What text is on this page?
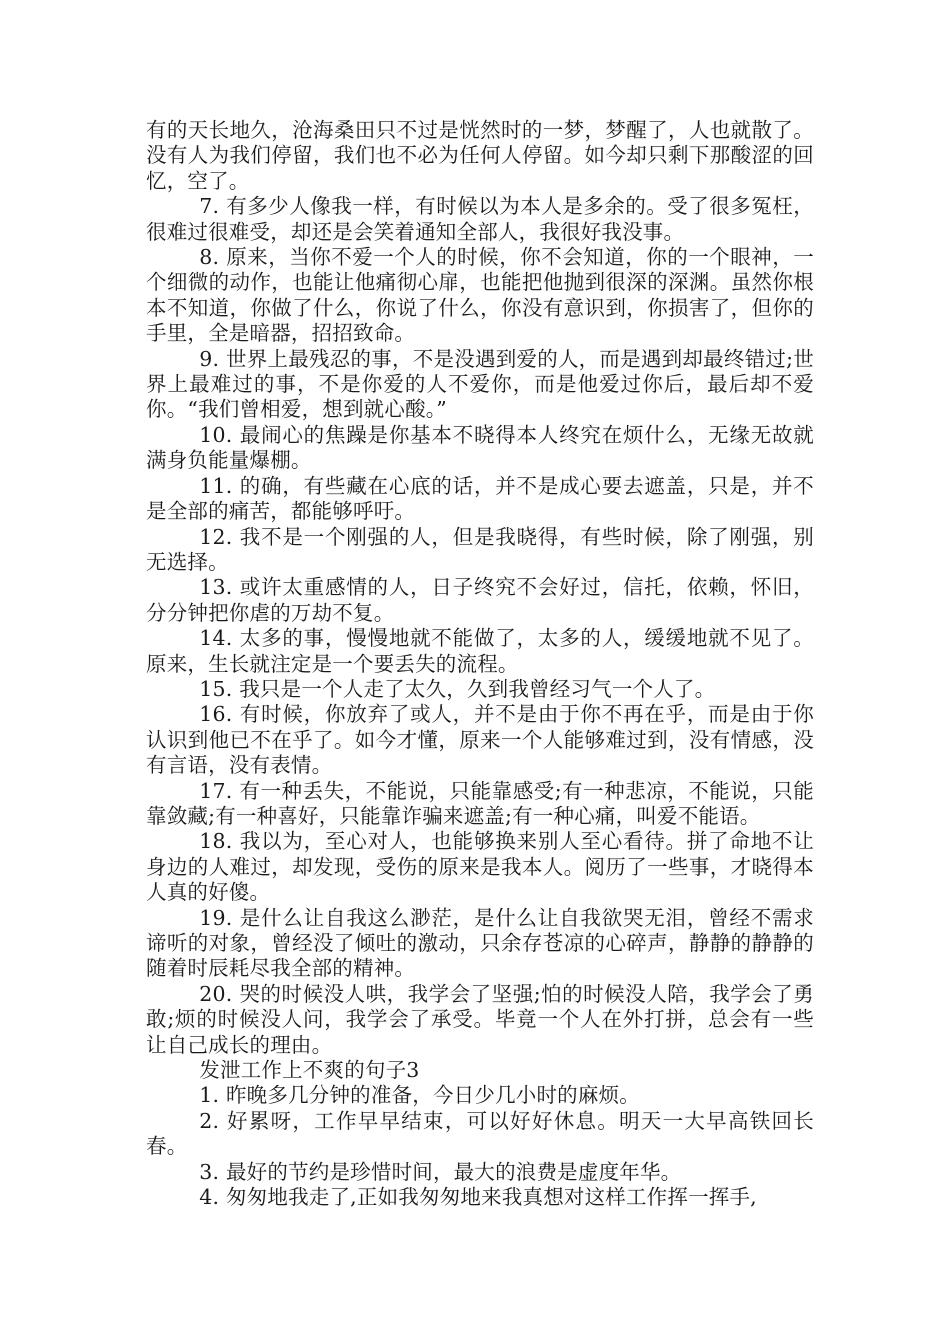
有的天长地久，沧海桑田只不过是恍然时的一梦，梦醒了，人也就散了。没有人为我们停留，我们也不必为任何人停留。如今却只剩下那酸涩的回忆，空了。

7. 有多少人像我一样，有时候以为本人是多余的。受了很多冤枉，很难过很难受，却还是会笑着通知全部人，我很好我没事。

8. 原来，当你不爱一个人的时候，你不会知道，你的一个眼神，一个细微的动作，也能让他痛彻心扉，也能把他抛到很深的深渊。虽然你根本不知道，你做了什么，你说了什么，你没有意识到，你损害了，但你的手里，全是暗器，招招致命。

9. 世界上最残忍的事，不是没遇到爱的人，而是遇到却最终错过;世界上最难过的事，不是你爱的人不爱你，而是他爱过你后，最后却不爱你。“我们曾相爱，想到就心酸。”

10. 最闹心的焦躁是你基本不晓得本人终究在烦什么，无缘无故就满身负能量爆棚。

11. 的确，有些藏在心底的话，并不是成心要去遮盖，只是，并不是全部的痛苦，都能够呼吁。

12. 我不是一个刚强的人，但是我晓得，有些时候，除了刚强，别无选择。

13. 或许太重感情的人，日子终究不会好过，信托，依赖，怀旧，分分钟把你虐的万劫不复。

14. 太多的事，慢慢地就不能做了，太多的人，缓缓地就不见了。原来，生长就注定是一个要丢失的流程。

15. 我只是一个人走了太久，久到我曾经习气一个人了。

16. 有时候，你放弃了或人，并不是由于你不再在乎，而是由于你认识到他已不在乎了。如今才懂，原来一个人能够难过到，没有情感，没有言语，没有表情。

17. 有一种丢失，不能说，只能靠感受;有一种悲凉，不能说，只能靠敛藏;有一种喜好，只能靠诈骗来遮盖;有一种心痛，叫爱不能语。

18. 我以为，至心对人，也能够换来别人至心看待。拼了命地不让身边的人难过，却发现，受伤的原来是我本人。阅历了一些事，才晓得本人真的好傻。

19. 是什么让自我这么渺茫，是什么让自我欲哭无泪，曾经不需求谛听的对象，曾经没了倾吐的激动，只余存苍凉的心碎声，静静的静静的随着时辰耗尽我全部的精神。

20. 哭的时候没人哄，我学会了坚强;怕的时候没人陪，我学会了勇敢;烦的时候没人问，我学会了承受。毕竟一个人在外打拼，总会有一些让自己成长的理由。

发泄工作上不爽的句子3

1. 昨晚多几分钟的准备，今日少几小时的麻烦。

2. 好累呀，工作早早结束，可以好好休息。明天一大早高铁回长春。

3. 最好的节约是珍惜时间，最大的浪费是虚度年华。

4. 匆匆地我走了,正如我匆匆地来我真想对这样工作挥一挥手,
